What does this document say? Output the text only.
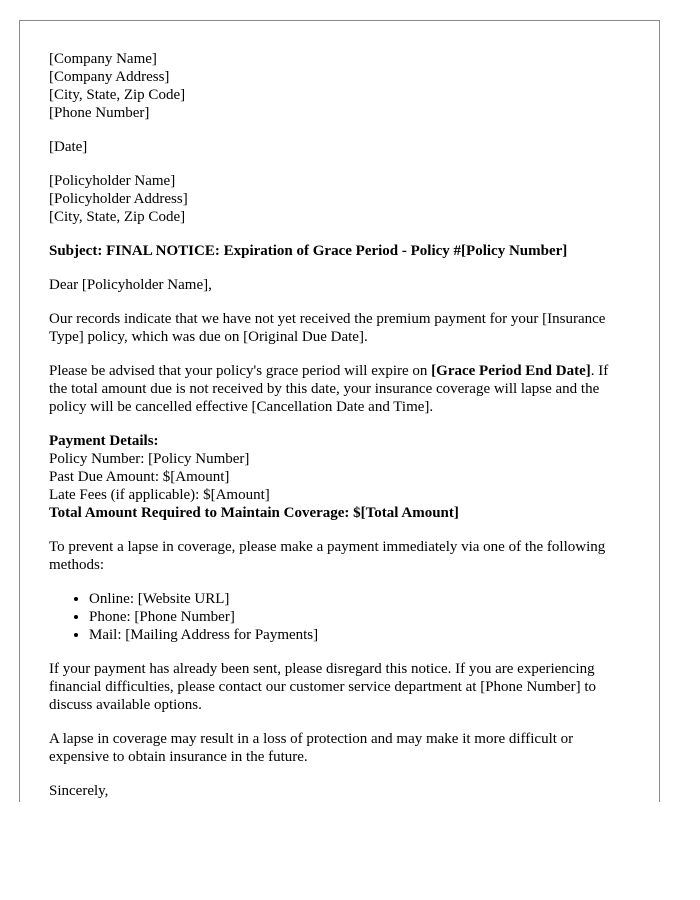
[Company Name]
[Company Address]
[City, State, Zip Code]
[Phone Number]
[Date]
[Policyholder Name]
[Policyholder Address]
[City, State, Zip Code]

Subject: FINAL NOTICE: Expiration of Grace Period - Policy #[Policy Number]

Dear [Policyholder Name],

Our records indicate that we have not yet received the premium payment for your [Insurance Type] policy, which was due on [Original Due Date].

Please be advised that your policy's grace period will expire on [Grace Period End Date]. If the total amount due is not received by this date, your insurance coverage will lapse and the policy will be cancelled effective [Cancellation Date and Time].

Payment Details:
Policy Number: [Policy Number]
Past Due Amount: $[Amount]
Late Fees (if applicable): $[Amount]
Total Amount Required to Maintain Coverage: $[Total Amount]

To prevent a lapse in coverage, please make a payment immediately via one of the following methods:

• Online: [Website URL]
• Phone: [Phone Number]
• Mail: [Mailing Address for Payments]

If your payment has already been sent, please disregard this notice. If you are experiencing financial difficulties, please contact our customer service department at [Phone Number] to discuss available options.

A lapse in coverage may result in a loss of protection and may make it more difficult or expensive to obtain insurance in the future.

Sincerely,
